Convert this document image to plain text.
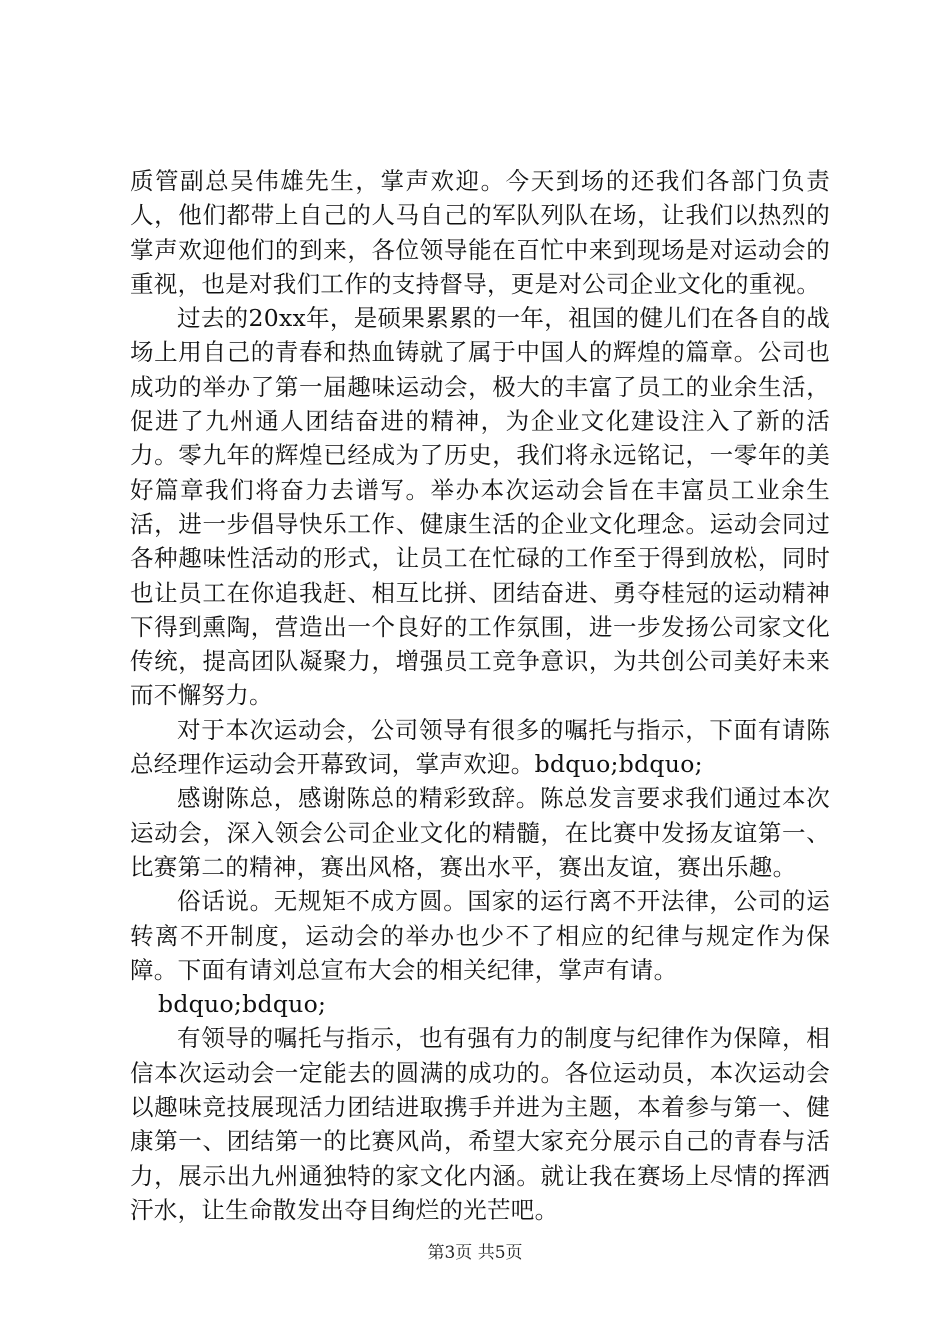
质管副总吴伟雄先生，掌声欢迎。今天到场的还我们各部门负责人，他们都带上自己的人马自己的军队列队在场，让我们以热烈的掌声欢迎他们的到来，各位领导能在百忙中来到现场是对运动会的重视，也是对我们工作的支持督导，更是对公司企业文化的重视。

过去的20xx年，是硕果累累的一年，祖国的健儿们在各自的战场上用自己的青春和热血铸就了属于中国人的辉煌的篇章。公司也成功的举办了第一届趣味运动会，极大的丰富了员工的业余生活，促进了九州通人团结奋进的精神，为企业文化建设注入了新的活力。零九年的辉煌已经成为了历史，我们将永远铭记，一零年的美好篇章我们将奋力去谱写。举办本次运动会旨在丰富员工业余生活，进一步倡导快乐工作、健康生活的企业文化理念。运动会同过各种趣味性活动的形式，让员工在忙碌的工作至于得到放松，同时也让员工在你追我赶、相互比拼、团结奋进、勇夺桂冠的运动精神下得到熏陶，营造出一个良好的工作氛围，进一步发扬公司家文化传统，提高团队凝聚力，增强员工竞争意识，为共创公司美好未来而不懈努力。

对于本次运动会，公司领导有很多的嘱托与指示，下面有请陈总经理作运动会开幕致词，掌声欢迎。bdquo;bdquo;

感谢陈总，感谢陈总的精彩致辞。陈总发言要求我们通过本次运动会，深入领会公司企业文化的精髓，在比赛中发扬友谊第一、比赛第二的精神，赛出风格，赛出水平，赛出友谊，赛出乐趣。

俗话说。无规矩不成方圆。国家的运行离不开法律，公司的运转离不开制度，运动会的举办也少不了相应的纪律与规定作为保障。下面有请刘总宣布大会的相关纪律，掌声有请。

bdquo;bdquo;

有领导的嘱托与指示，也有强有力的制度与纪律作为保障，相信本次运动会一定能去的圆满的成功的。各位运动员，本次运动会以趣味竞技展现活力团结进取携手并进为主题，本着参与第一、健康第一、团结第一的比赛风尚，希望大家充分展示自己的青春与活力，展示出九州通独特的家文化内涵。就让我在赛场上尽情的挥洒汗水，让生命散发出夺目绚烂的光芒吧。

第3页 共5页
